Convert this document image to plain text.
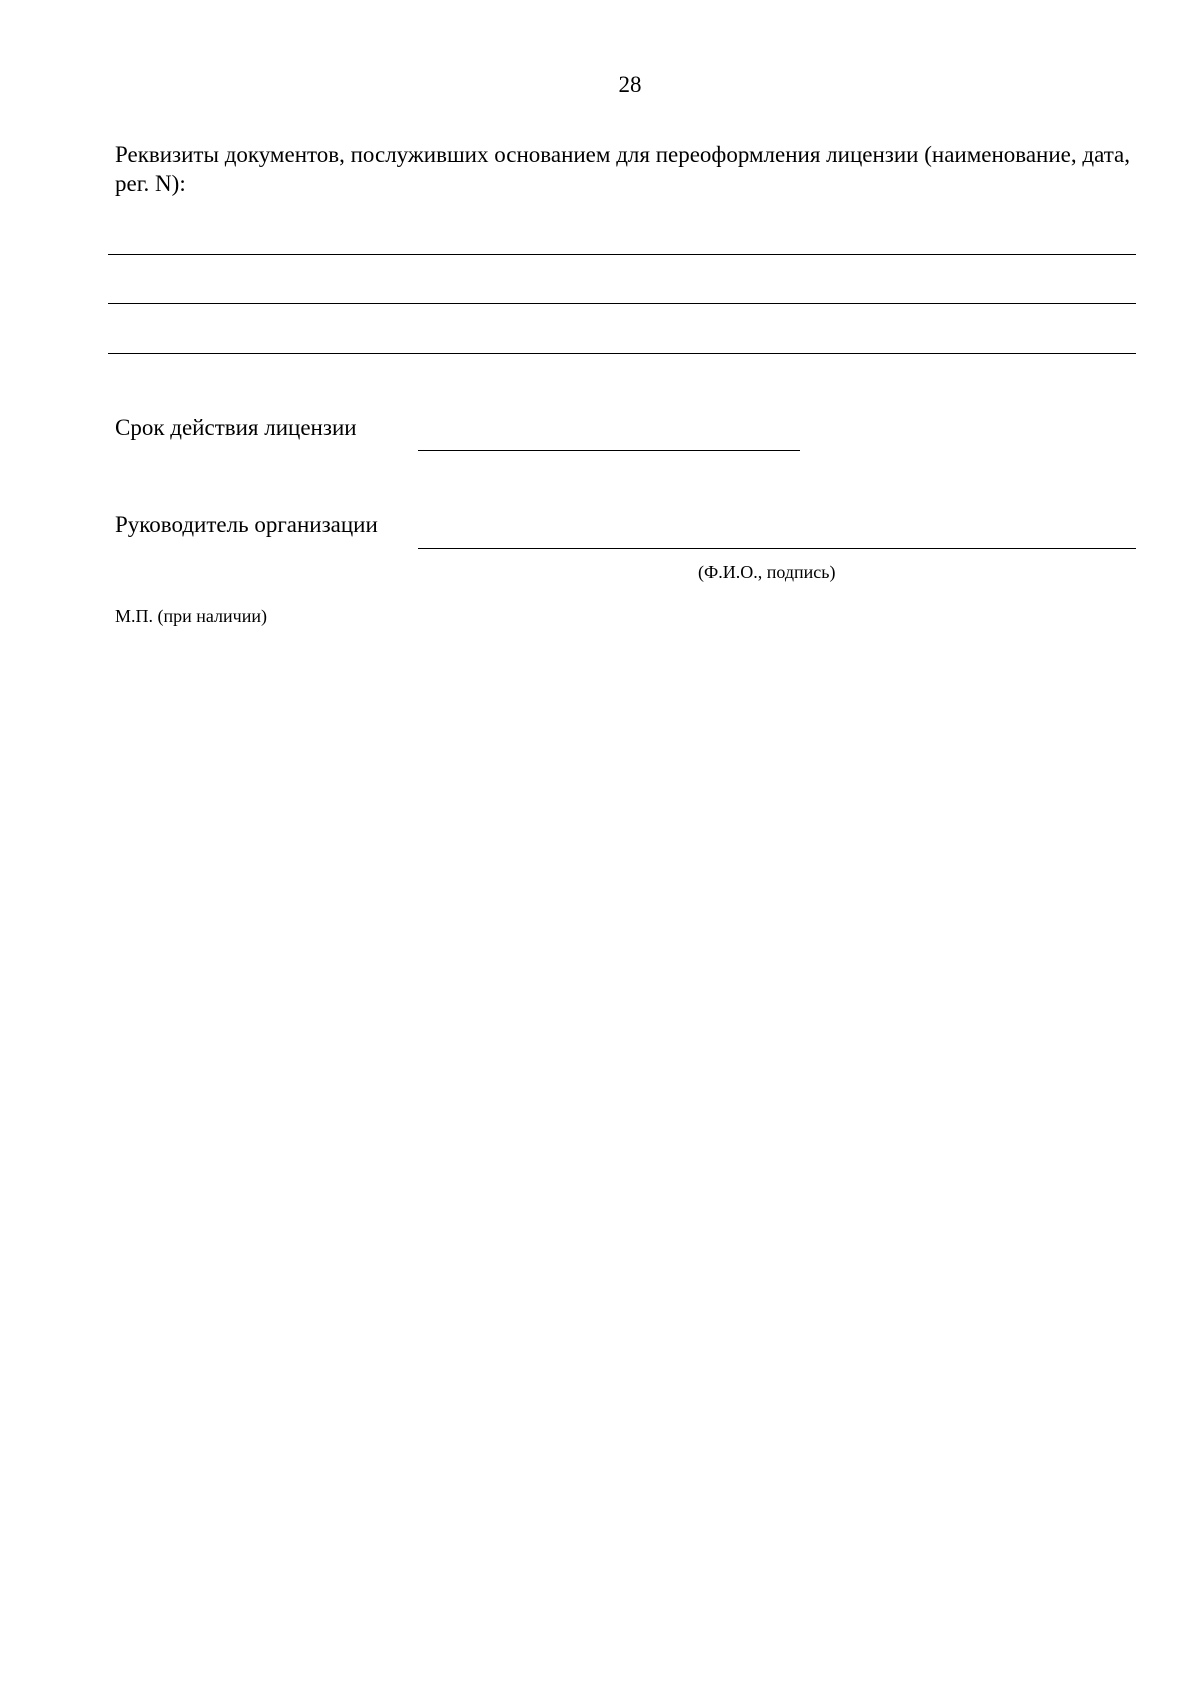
28
Реквизиты документов, послуживших основанием для переоформления лицензии (наименование, дата, рег. N):
Срок действия лицензии
Руководитель организации
(Ф.И.О., подпись)
М.П. (при наличии)
